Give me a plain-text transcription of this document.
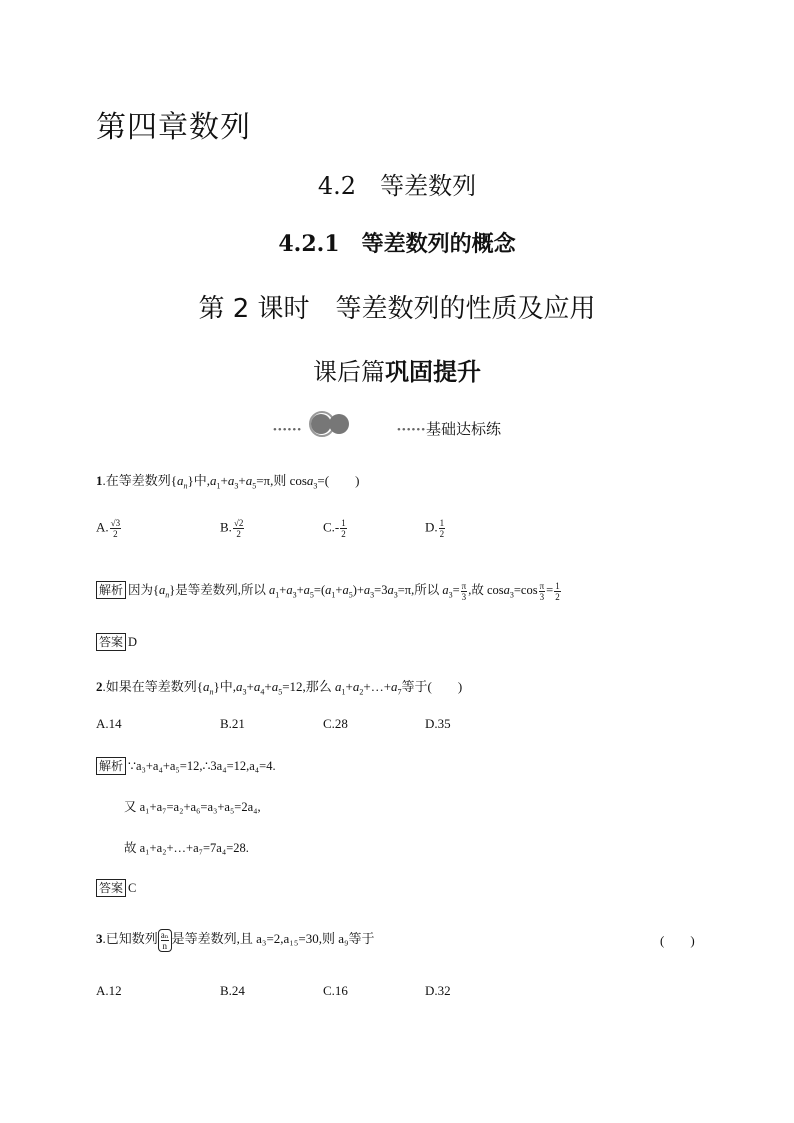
第四章数列
4.2　等差数列
4.2.1　等差数列的概念
第 2 课时　等差数列的性质及应用
课后篇巩固提升
••••••	•••••• 基础达标练
1.在等差数列$\{a_n\}$中$,a_1+a_3+a_5=\pi$,则 cosa$_3$=(　　)
A. $\frac{√3}{2}$	B. $\frac{√2}{2}$	$C.- \frac{1}{2}$	D. $\frac{1}{2}$
解析 因为$\{a_n\}$是等差数列,所以 $a_1+a_3+a_5=(a_1+a_5)+a_3=3a_3=\pi$,所以 $a_3= \frac{\pi}{3}$ ,故 $\cos a_3=\cos \frac{\pi}{3} = \frac{1}{2}$
答案 D
2.如果在等差数列$\{a_n\}$中$,a_3+a_4+a_5=12$,那么 $a_1+a_2+\dots+a_7$等于(　　)
A.14	B.21	C.28	D.35
解析 ∵a₃+a₄+a₅=12,∴3a₄=12,a₄=4.
又 a₁+a₇=a₂+a₆=a₃+a₅=2a₄,
故 a₁+a₂+…+a₇=7a₄=28.
答案 C
3.已知数列 $\frac{\text{aₙ}}{n}$ 是等差数列,且 a₃=2,a₁₅=30,则 a₉等于	(　　)
A.12	B.24	C.16	D.32
